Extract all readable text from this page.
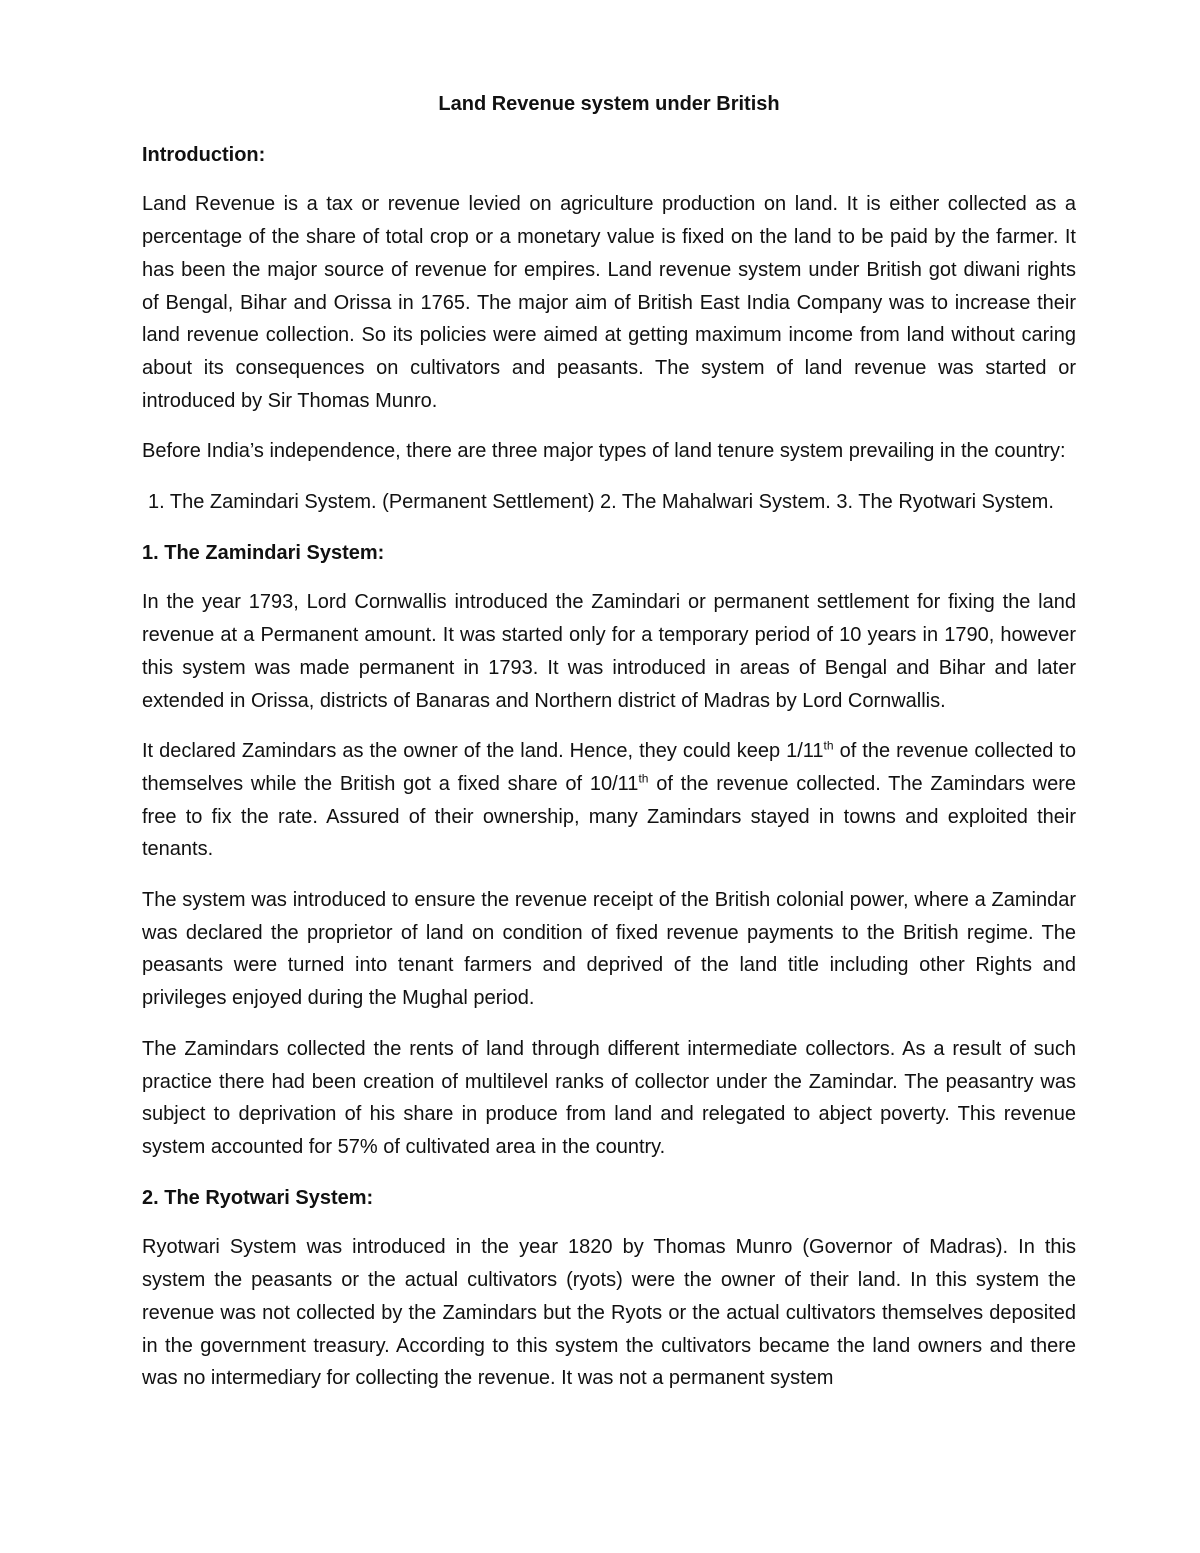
Land Revenue system under British

Introduction:

Land Revenue is a tax or revenue levied on agriculture production on land. It is either collected as a percentage of the share of total crop or a monetary value is fixed on the land to be paid by the farmer. It has been the major source of revenue for empires. Land revenue system under British got diwani rights of Bengal, Bihar and Orissa in 1765. The major aim of British East India Company was to increase their land revenue collection. So its policies were aimed at getting maximum income from land without caring about its consequences on cultivators and peasants. The system of land revenue was started or introduced by Sir Thomas Munro.

Before India’s independence, there are three major types of land tenure system prevailing in the country:

1. The Zamindari System. (Permanent Settlement) 2. The Mahalwari System. 3. The Ryotwari System.

1. The Zamindari System:

In the year 1793, Lord Cornwallis introduced the Zamindari or permanent settlement for fixing the land revenue at a Permanent amount. It was started only for a temporary period of 10 years in 1790, however this system was made permanent in 1793. It was introduced in areas of Bengal and Bihar and later extended in Orissa, districts of Banaras and Northern district of Madras by Lord Cornwallis.

It declared Zamindars as the owner of the land. Hence, they could keep 1/11th of the revenue collected to themselves while the British got a fixed share of 10/11th of the revenue collected. The Zamindars were free to fix the rate. Assured of their ownership, many Zamindars stayed in towns and exploited their tenants.

The system was introduced to ensure the revenue receipt of the British colonial power, where a Zamindar was declared the proprietor of land on condition of fixed revenue payments to the British regime. The peasants were turned into tenant farmers and deprived of the land title including other Rights and privileges enjoyed during the Mughal period.

The Zamindars collected the rents of land through different intermediate collectors. As a result of such practice there had been creation of multilevel ranks of collector under the Zamindar. The peasantry was subject to deprivation of his share in produce from land and relegated to abject poverty. This revenue system accounted for 57% of cultivated area in the country.

2. The Ryotwari System:

Ryotwari System was introduced in the year 1820 by Thomas Munro (Governor of Madras). In this system the peasants or the actual cultivators (ryots) were the owner of their land. In this system the revenue was not collected by the Zamindars but the Ryots or the actual cultivators themselves deposited in the government treasury. According to this system the cultivators became the land owners and there was no intermediary for collecting the revenue. It was not a permanent system
